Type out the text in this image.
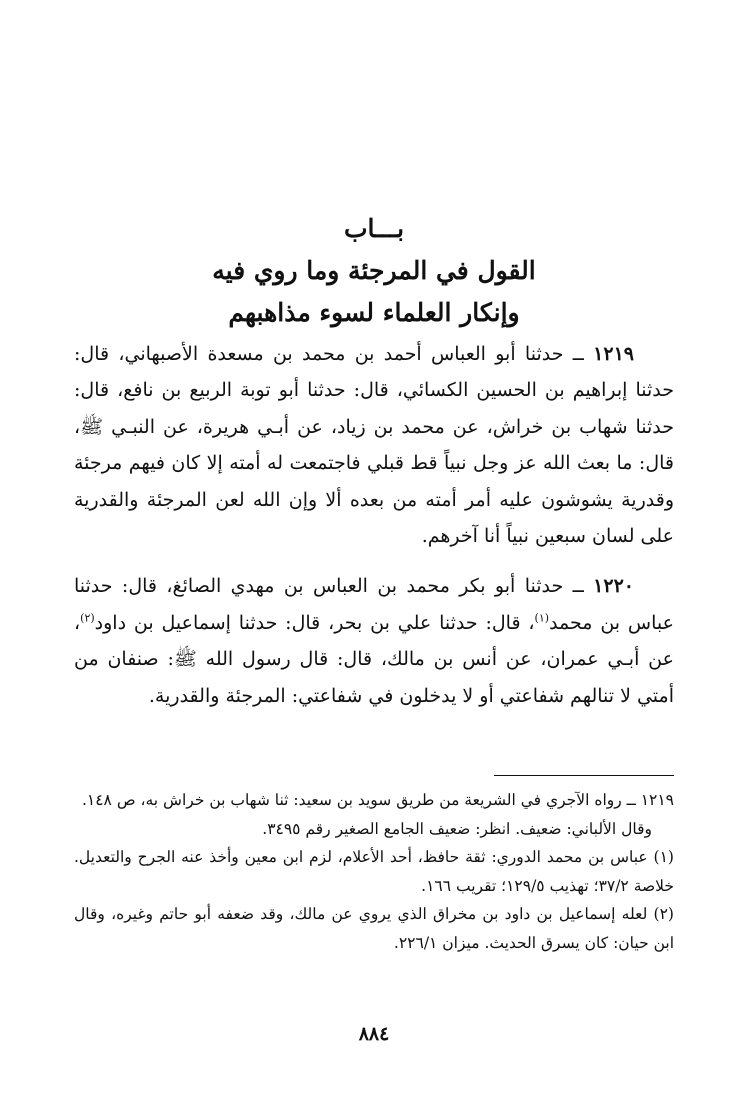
بـــاب
القول في المرجئة وما روي فيه
وإنكار العلماء لسوء مذاهبهم

١٢١٩ ــ حدثنا أبو العباس أحمد بن محمد بن مسعدة الأصبهاني، قال: حدثنا إبراهيم بن الحسين الكسائي، قال: حدثنا أبو توبة الربيع بن نافع، قال: حدثنا شهاب بن خراش، عن محمد بن زياد، عن أبـي هريرة، عن النبـي ﷺ، قال: ما بعث الله عز وجل نبياً قط قبلي فاجتمعت له أمته إلا كان فيهم مرجئة وقدرية يشوشون عليه أمر أمته من بعده ألا وإن الله لعن المرجئة والقدرية على لسان سبعين نبياً أنا آخرهم.

١٢٢٠ ــ حدثنا أبو بكر محمد بن العباس بن مهدي الصائغ، قال: حدثنا عباس بن محمد$^{(١)}$، قال: حدثنا علي بن بحر، قال: حدثنا إسماعيل بن داود$^{(٢)}$، عن أبـي عمران، عن أنس بن مالك، قال: قال رسول الله ﷺ: صنفان من أمتي لا تنالهم شفاعتي أو لا يدخلون في شفاعتي: المرجئة والقدرية.

١٢١٩ ــ رواه الآجري في الشريعة من طريق سويد بن سعيد: ثنا شهاب بن خراش به، ص ١٤٨.

وقال الألباني: ضعيف. انظر: ضعيف الجامع الصغير رقم ٣٤٩٥.

(١) عباس بن محمد الدوري: ثقة حافظ، أحد الأعلام، لزم ابن معين وأخذ عنه الجرح والتعديل. خلاصة ٣٧/٢؛ تهذيب ١٢٩/٥؛ تقريب ١٦٦.

(٢) لعله إسماعيل بن داود بن مخراق الذي يروي عن مالك، وقد ضعفه أبو حاتم وغيره، وقال ابن حيان: كان يسرق الحديث. ميزان ٢٢٦/١.

٨٨٤
